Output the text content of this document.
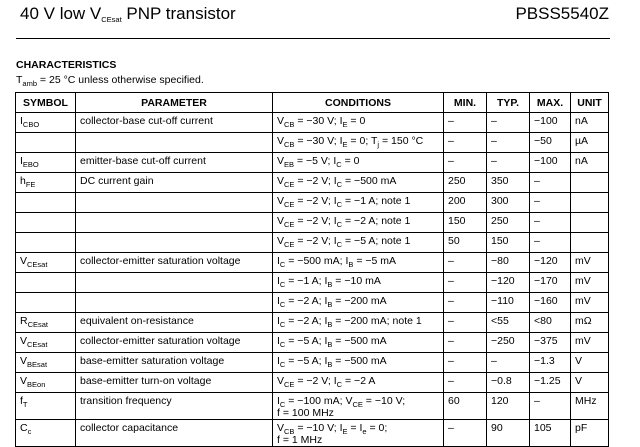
40 V low $V_{CEsat}$ PNP transistor	PBSS5540Z
CHARACTERISTICS
$T_{amb} = 25$ °C unless otherwise specified.
SYMBOL	PARAMETER	CONDITIONS	MIN.	TYP.	MAX.	UNIT
$I_{CBO}$	collector-base cut-off current	$V_{CB} = -30$ V; $I_E = 0$	–	–	−100	nA
		$V_{CB} = -30$ V; $I_E = 0$; $T_j = 150$ °C	–	–	−50	µA
$I_{EBO}$	emitter-base cut-off current	$V_{EB} = -5$ V; $I_C = 0$	–	–	−100	nA
$h_{FE}$	DC current gain	$V_{CE} = -2$ V; $I_C = -500$ mA	250	350	–	
		$V_{CE} = -2$ V; $I_C = -1$ A; note 1	200	300	–	
		$V_{CE} = -2$ V; $I_C = -2$ A; note 1	150	250	–	
		$V_{CE} = -2$ V; $I_C = -5$ A; note 1	50	150	–	
$V_{CEsat}$	collector-emitter saturation voltage	$I_C = -500$ mA; $I_B = -5$ mA	–	−80	−120	mV
		$I_C = -1$ A; $I_B = -10$ mA	–	−120	−170	mV
		$I_C = -2$ A; $I_B = -200$ mA	–	−110	−160	mV
$R_{CEsat}$	equivalent on-resistance	$I_C = -2$ A; $I_B = -200$ mA; note 1	–	<55	<80	mΩ
$V_{CEsat}$	collector-emitter saturation voltage	$I_C = -5$ A; $I_B = -500$ mA	–	−250	−375	mV
$V_{BEsat}$	base-emitter saturation voltage	$I_C = -5$ A; $I_B = -500$ mA	–	–	−1.3	V
$V_{BEon}$	base-emitter turn-on voltage	$V_{CE} = -2$ V; $I_C = -2$ A	–	−0.8	−1.25	V
$f_T$	transition frequency	$I_C = -100$ mA; $V_{CE} = -10$ V;
f = 100 MHz	60	120	–	MHz
$C_c$	collector capacitance	$V_{CB} = -10$ V; $I_E = I_e = 0$;
f = 1 MHz	–	90	105	pF
